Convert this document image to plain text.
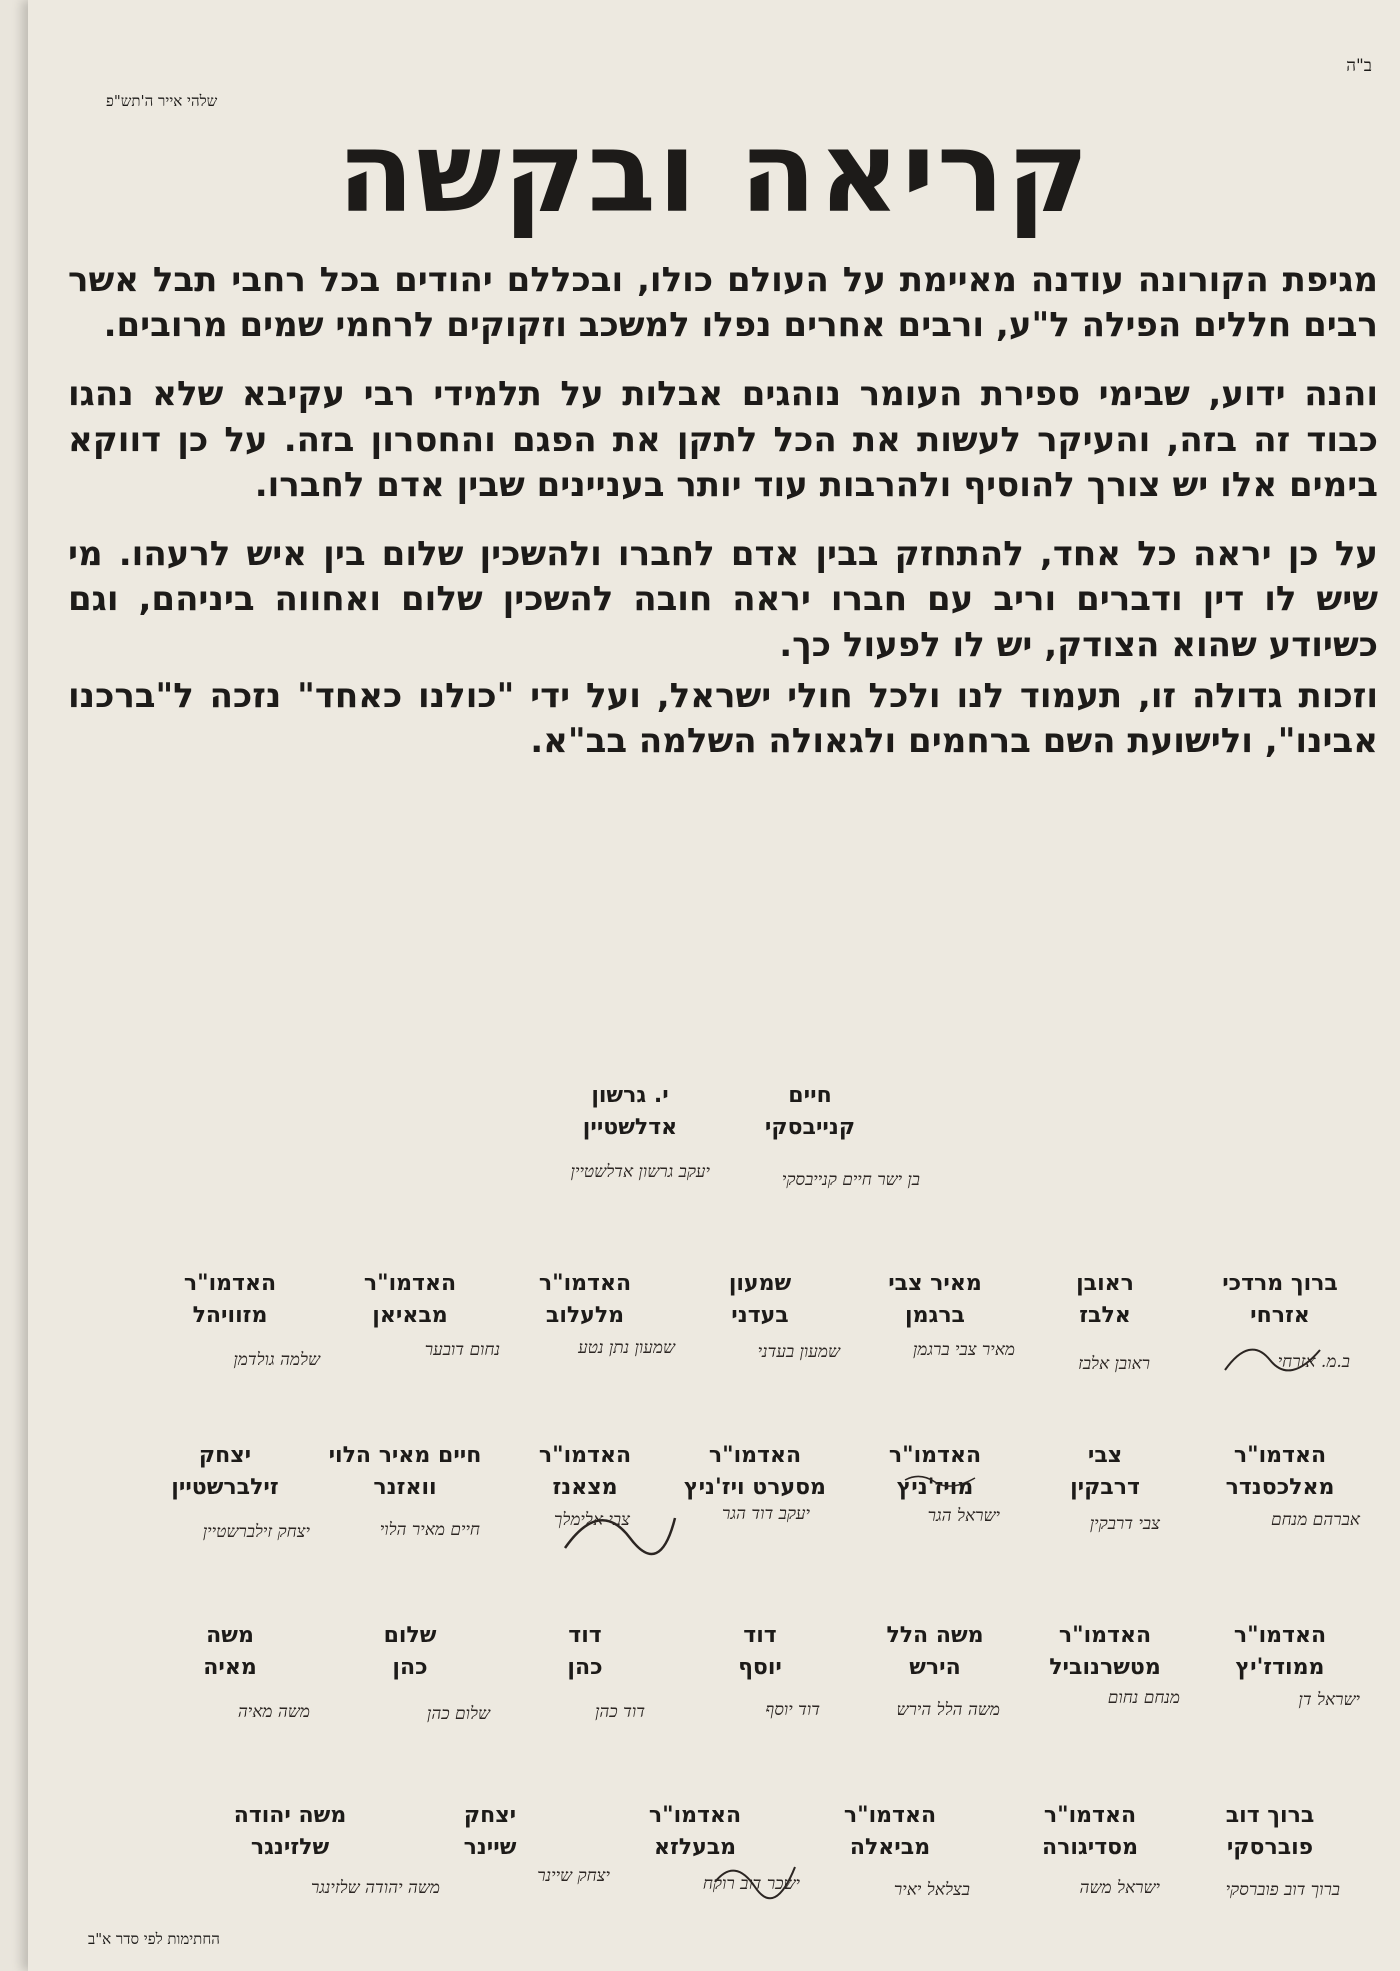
ב"ה
שלהי אייר ה'תש"פ
קריאה ובקשה

מגיפת הקורונה עודנה מאיימת על העולם כולו, ובכללם יהודים בכל רחבי תבל אשר רבים חללים הפילה ל"ע, ורבים אחרים נפלו למשכב וזקוקים לרחמי שמים מרובים.

והנה ידוע, שבימי ספירת העומר נוהגים אבלות על תלמידי רבי עקיבא שלא נהגו כבוד זה בזה, והעיקר לעשות את הכל לתקן את הפגם והחסרון בזה. על כן דווקא בימים אלו יש צורך להוסיף ולהרבות עוד יותר בעניינים שבין אדם לחברו.

על כן יראה כל אחד, להתחזק בבין אדם לחברו ולהשכין שלום בין איש לרעהו. מי שיש לו דין ודברים וריב עם חברו יראה חובה להשכין שלום ואחווה ביניהם, וגם כשיודע שהוא הצודק, יש לו לפעול כך.

וזכות גדולה זו, תעמוד לנו ולכל חולי ישראל, ועל ידי "כולנו כאחד" נזכה ל"ברכנו אבינו", ולישועת השם ברחמים ולגאולה השלמה בב"א.

חיים
קנייבסקי
י. גרשון
אדלשטיין
בן ישר חיים קנייבסקי
יעקב גרשון אדלשטיין
ברוך מרדכי
אזרחי
ראובן
אלבז
מאיר צבי
ברגמן
שמעון
בעדני
האדמו"ר
מלעלוב
האדמו"ר
מבאיאן
האדמו"ר
מזוויהל
ב.מ. אזרחי
ראובן אלבז
מאיר צבי ברגמן
שמעון בעדני
שמעון נתן נטע
נחום דובער
שלמה גולדמן
האדמו"ר
מאלכסנדר
צבי
דרבקין
האדמו"ר
מויז'ניץ
האדמו"ר
מסערט ויז'ניץ
האדמו"ר
מצאנז
חיים מאיר הלוי
וואזנר
יצחק
זילברשטיין
אברהם מנחם
צבי דרבקין
ישראל הגר
יעקב דוד הגר
צבי אלימלך
חיים מאיר הלוי
יצחק זילברשטיין
האדמו"ר
ממודז'יץ
האדמו"ר
מטשרנוביל
משה הלל
הירש
דוד
יוסף
דוד
כהן
שלום
כהן
משה
מאיה
ישראל דן
מנחם נחום
משה הלל הירש
דוד יוסף
דוד כהן
שלום כהן
משה מאיה
ברוך דוב
פוברסקי
האדמו"ר
מסדיגורה
האדמו"ר
מביאלה
האדמו"ר
מבעלזא
יצחק
שיינר
משה יהודה
שלזינגר
ברוך דוב פוברסקי
ישראל משה
בצלאל יאיר
ישכר דוב רוקח
יצחק שיינר
משה יהודה שלזינגר
החתימות לפי סדר א"ב
